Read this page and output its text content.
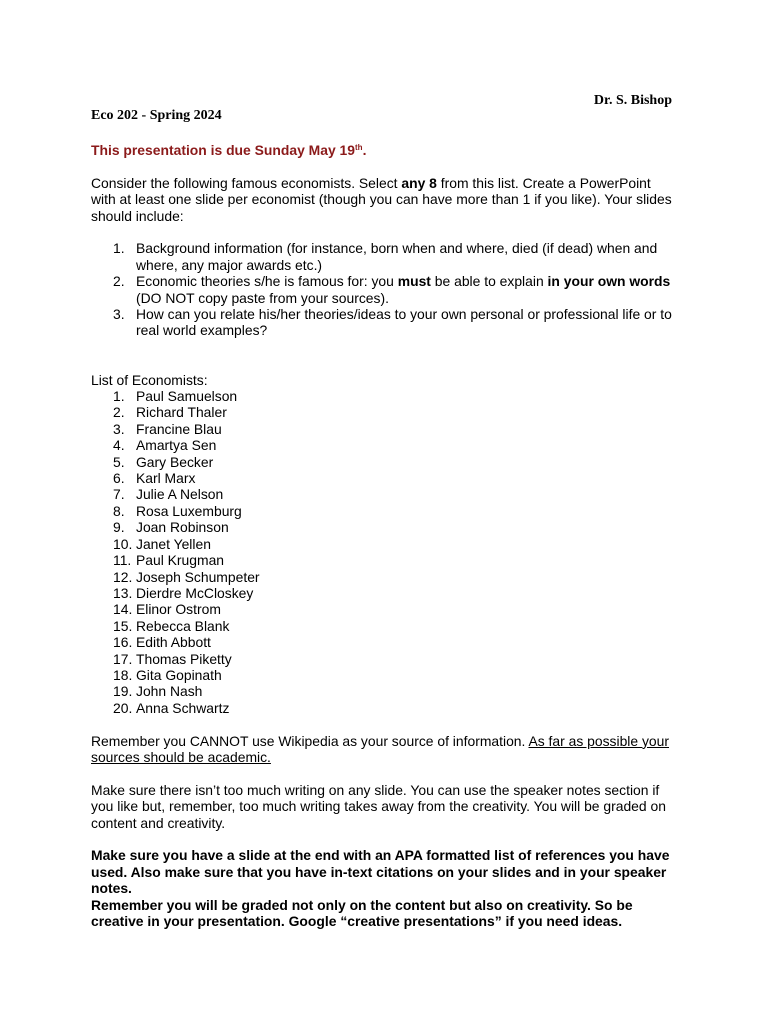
Dr. S. Bishop
Eco 202 - Spring 2024

This presentation is due Sunday May 19th.

Consider the following famous economists. Select any 8 from this list. Create a PowerPoint with at least one slide per economist (though you can have more than 1 if you like). Your slides should include:

1. Background information (for instance, born when and where, died (if dead) when and where, any major awards etc.)
2. Economic theories s/he is famous for: you must be able to explain in your own words (DO NOT copy paste from your sources).
3. How can you relate his/her theories/ideas to your own personal or professional life or to real world examples?

List of Economists:

1. Paul Samuelson
2. Richard Thaler
3. Francine Blau
4. Amartya Sen
5. Gary Becker
6. Karl Marx
7. Julie A Nelson
8. Rosa Luxemburg
9. Joan Robinson
10. Janet Yellen
11. Paul Krugman
12. Joseph Schumpeter
13. Dierdre McCloskey
14. Elinor Ostrom
15. Rebecca Blank
16. Edith Abbott
17. Thomas Piketty
18. Gita Gopinath
19. John Nash
20. Anna Schwartz

Remember you CANNOT use Wikipedia as your source of information. As far as possible your sources should be academic.

Make sure there isn’t too much writing on any slide. You can use the speaker notes section if you like but, remember, too much writing takes away from the creativity. You will be graded on content and creativity.

Make sure you have a slide at the end with an APA formatted list of references you have used. Also make sure that you have in-text citations on your slides and in your speaker notes.

Remember you will be graded not only on the content but also on creativity. So be creative in your presentation. Google “creative presentations” if you need ideas.
